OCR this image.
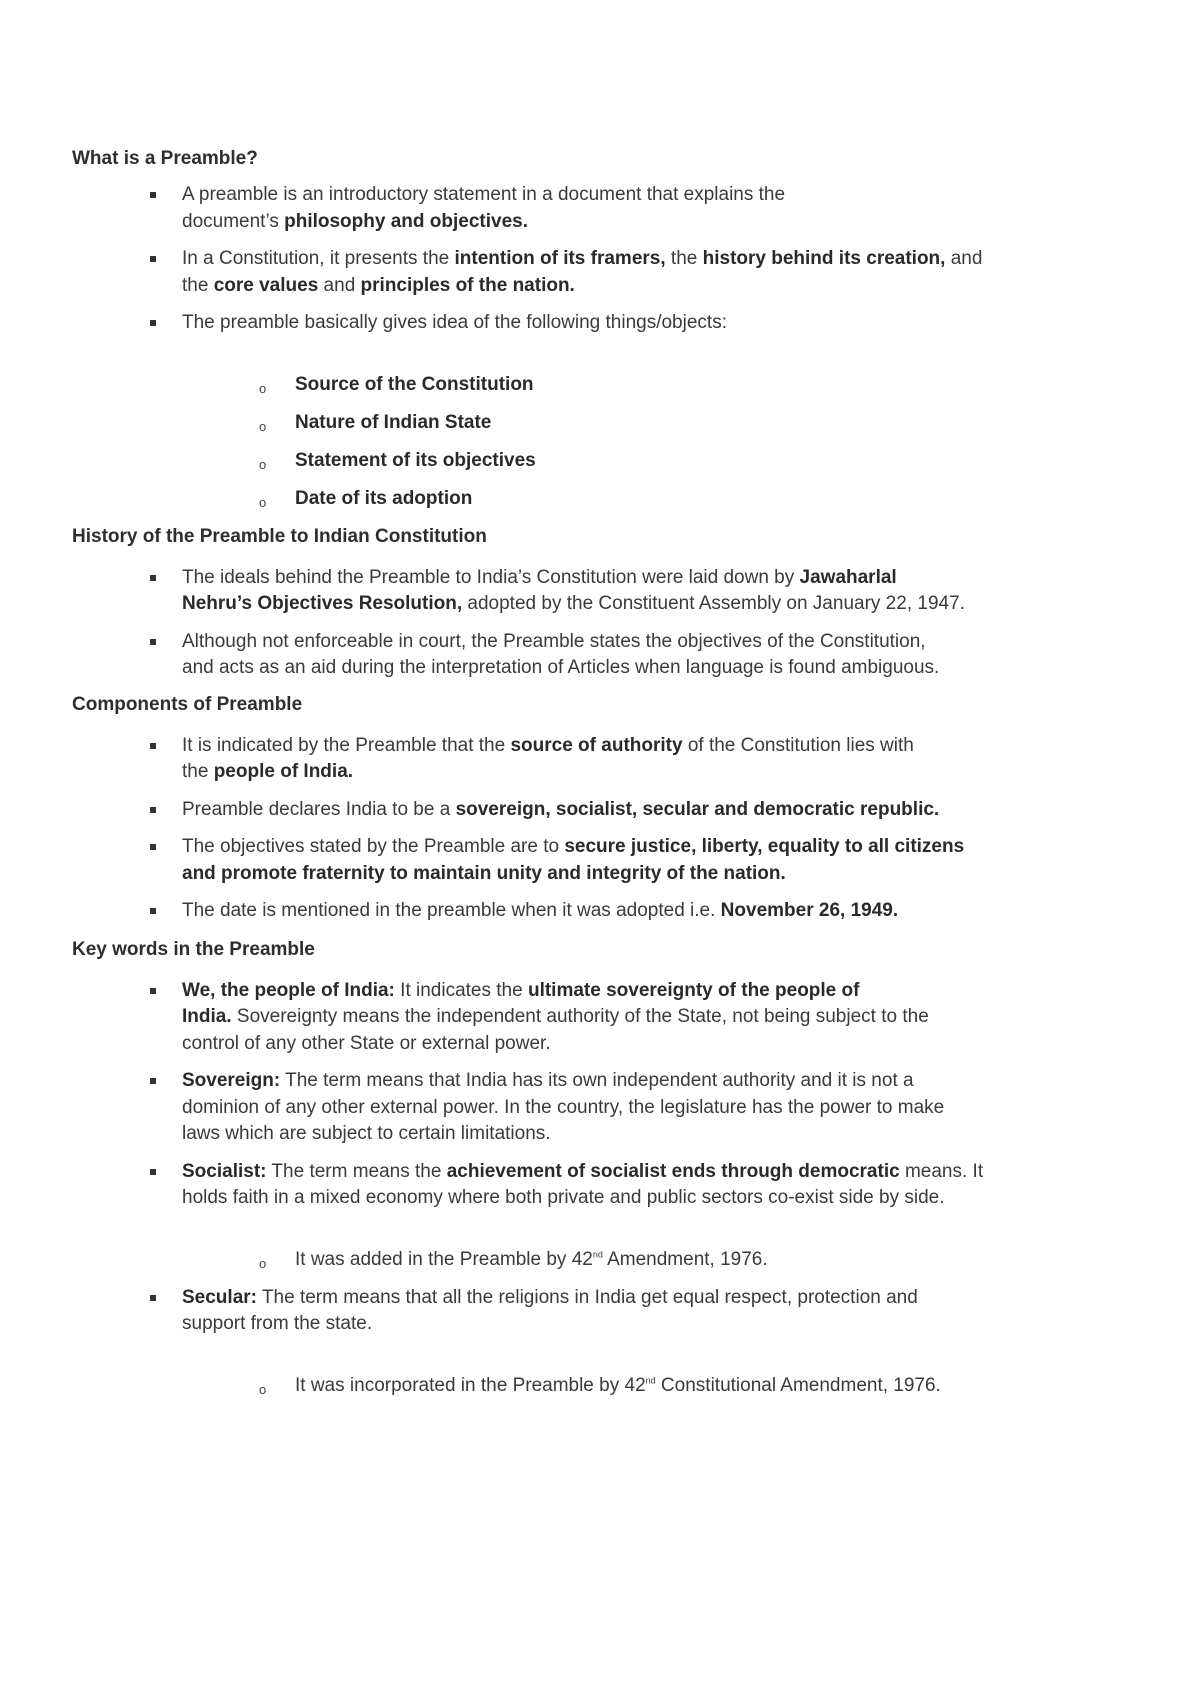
What is a Preamble?
A preamble is an introductory statement in a document that explains the
document’s philosophy and objectives.
In a Constitution, it presents the intention of its framers, the history behind its creation, and
the core values and principles of the nation.
The preamble basically gives idea of the following things/objects:
o Source of the Constitution
o Nature of Indian State
o Statement of its objectives
o Date of its adoption
History of the Preamble to Indian Constitution
The ideals behind the Preamble to India’s Constitution were laid down by Jawaharlal
Nehru’s Objectives Resolution, adopted by the Constituent Assembly on January 22, 1947.
Although not enforceable in court, the Preamble states the objectives of the Constitution,
and acts as an aid during the interpretation of Articles when language is found ambiguous.
Components of Preamble
It is indicated by the Preamble that the source of authority of the Constitution lies with
the people of India.
Preamble declares India to be a sovereign, socialist, secular and democratic republic.
The objectives stated by the Preamble are to secure justice, liberty, equality to all citizens
and promote fraternity to maintain unity and integrity of the nation.
The date is mentioned in the preamble when it was adopted i.e. November 26, 1949.
Key words in the Preamble
We, the people of India: It indicates the ultimate sovereignty of the people of
India. Sovereignty means the independent authority of the State, not being subject to the
control of any other State or external power.
Sovereign: The term means that India has its own independent authority and it is not a
dominion of any other external power. In the country, the legislature has the power to make
laws which are subject to certain limitations.
Socialist: The term means the achievement of socialist ends through democratic means. It
holds faith in a mixed economy where both private and public sectors co-exist side by side.
o It was added in the Preamble by 42nd Amendment, 1976.
Secular: The term means that all the religions in India get equal respect, protection and
support from the state.
o It was incorporated in the Preamble by 42nd Constitutional Amendment, 1976.
